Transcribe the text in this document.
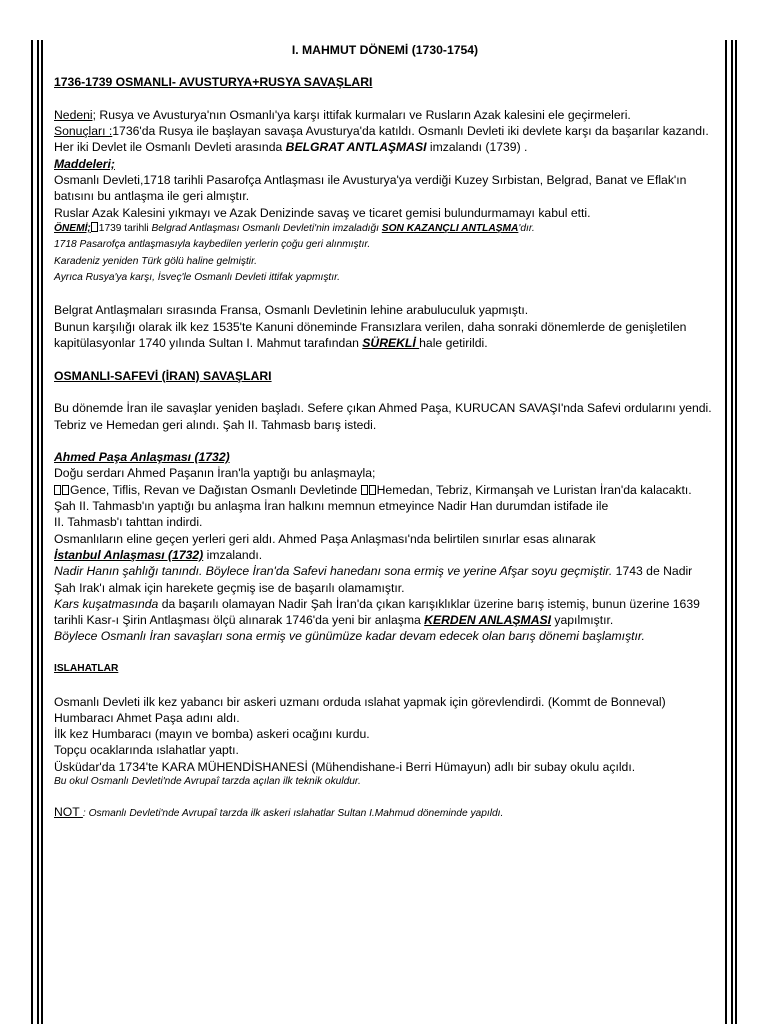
I. MAHMUT DÖNEMİ (1730-1754)
1736-1739 OSMANLI- AVUSTURYA+RUSYA SAVAŞLARI
Nedeni; Rusya ve Avusturya'nın Osmanlı'ya karşı ittifak kurmaları ve Rusların Azak kalesini ele geçirmeleri.
Sonuçları :1736'da Rusya ile başlayan savaşa Avusturya'da katıldı. Osmanlı Devleti iki devlete karşı da başarılar kazandı.
Her iki Devlet ile Osmanlı Devleti arasında BELGRAT ANTLAŞMASI imzalandı (1739) .
Maddeleri;
Osmanlı Devleti,1718 tarihli Pasarofça Antlaşması ile Avusturya'ya verdiği Kuzey Sırbistan, Belgrad, Banat ve Eflak'ın batısını bu antlaşma ile geri almıştır.
Ruslar Azak Kalesini yıkmayı ve Azak Denizinde savaş ve ticaret gemisi bulundurmamayı kabul etti.
ÖNEMİ; 1739 tarihli Belgrad Antlaşması Osmanlı Devleti'nin imzaladığı SON KAZANÇLI ANTLAŞMA'dır.
1718 Pasarofça antlaşmasıyla kaybedilen yerlerin çoğu geri alınmıştır.
Karadeniz yeniden Türk gölü haline gelmiştir.
Ayrıca Rusya'ya karşı, İsveç'le Osmanlı Devleti ittifak yapmıştır.
Belgrat Antlaşmaları sırasında Fransa, Osmanlı Devletinin lehine arabuluculuk yapmıştı.
Bunun karşılığı olarak ilk kez 1535'te Kanuni döneminde Fransızlara verilen, daha sonraki dönemlerde de genişletilen kapitülasyonlar 1740 yılında Sultan I. Mahmut tarafından SÜREKLİ hale getirildi.
OSMANLI-SAFEVİ (İRAN) SAVAŞLARI
Bu dönemde İran ile savaşlar yeniden başladı. Sefere çıkan Ahmed Paşa, KURUCAN SAVAŞI'nda Safevi ordularını yendi. Tebriz ve Hemedan geri alındı. Şah II. Tahmasb barış istedi.
Ahmed Paşa Anlaşması (1732)
Doğu serdarı Ahmed Paşanın İran'la yaptığı bu anlaşmayla;
Gence, Tiflis, Revan ve Dağıstan Osmanlı Devletinde Hemedan, Tebriz, Kirmanşah ve Luristan İran'da kalacaktı.
Şah II. Tahmasb'ın yaptığı bu anlaşma İran halkını memnun etmeyince Nadir Han durumdan istifade ile
II. Tahmasb'ı tahttan indirdi.
Osmanlıların eline geçen yerleri geri aldı. Ahmed Paşa Anlaşması'nda belirtilen sınırlar esas alınarak
İstanbul Anlaşması (1732) imzalandı.
Nadir Hanın şahlığı tanındı. Böylece İran'da Safevi hanedanı sona ermiş ve yerine Afşar soyu geçmiştir. 1743 de Nadir Şah Irak'ı almak için harekete geçmiş ise de başarılı olamamıştır.
Kars kuşatmasında da başarılı olamayan Nadir Şah İran'da çıkan karışıklıklar üzerine barış istemiş, bunun üzerine 1639 tarihli Kasr-ı Şirin Antlaşması ölçü alınarak 1746'da yeni bir anlaşma KERDEN ANLAŞMASI yapılmıştır.
Böylece Osmanlı İran savaşları sona ermiş ve günümüze kadar devam edecek olan barış dönemi başlamıştır.
ISLAHATLAR
Osmanlı Devleti ilk kez yabancı bir askeri uzmanı orduda ıslahat yapmak için görevlendirdi. (Kommt de Bonneval)
Humbaracı Ahmet Paşa adını aldı.
İlk kez Humbaracı (mayın ve bomba) askeri ocağını kurdu.
Topçu ocaklarında ıslahatlar yaptı.
Üsküdar'da 1734'te KARA MÜHENDİSHANESİ (Mühendishane-i Berri Hümayun) adlı bir subay okulu açıldı.
Bu okul Osmanlı Devleti'nde Avrupaî tarzda açılan ilk teknik okuldur.
NOT : Osmanlı Devleti'nde Avrupaî tarzda ilk askeri ıslahatlar Sultan I.Mahmud döneminde yapıldı.
